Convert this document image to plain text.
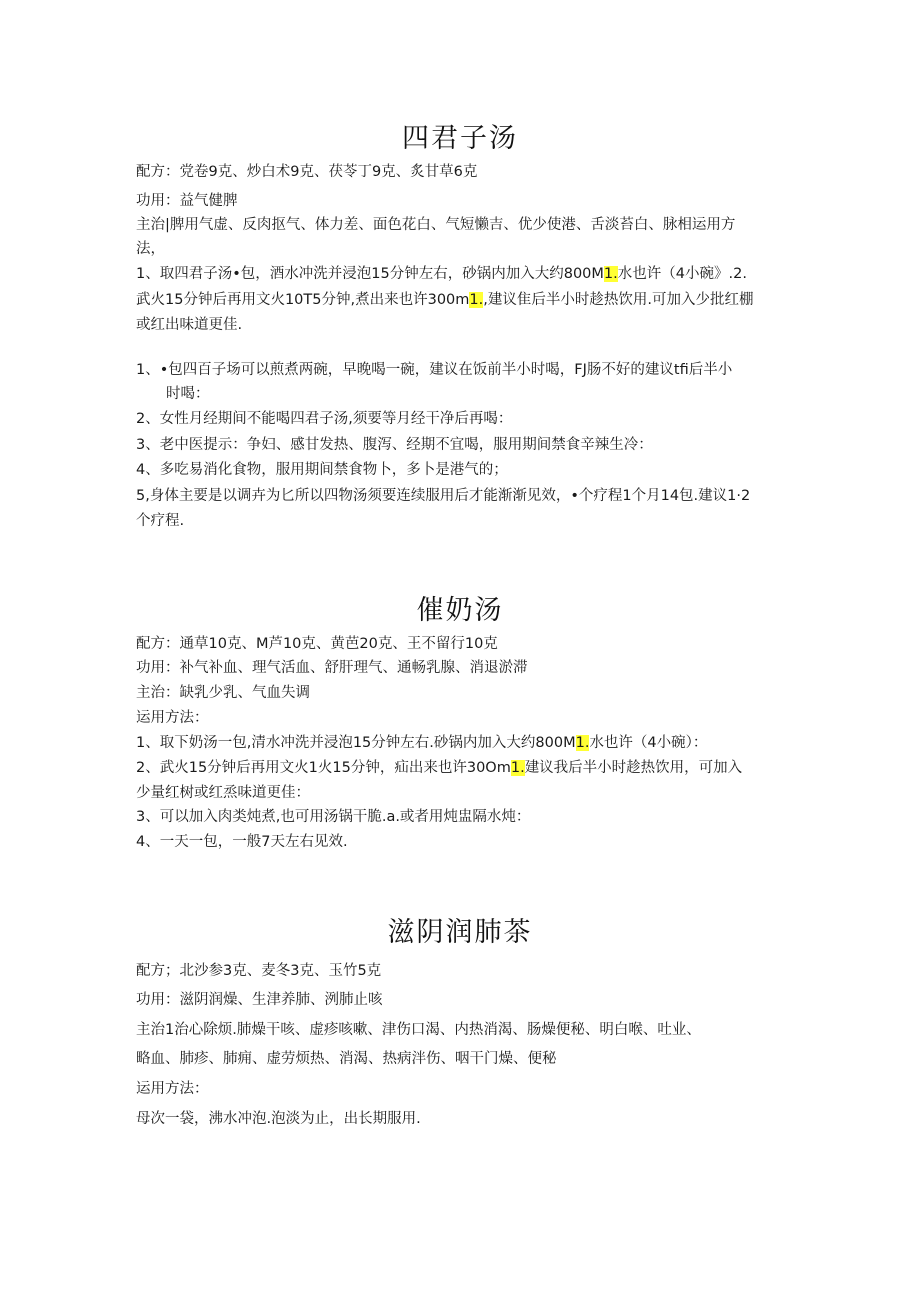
四君子汤
配方：党卷9克、炒白术9克、茯苓丁9克、炙甘草6克
功用：益气健脾
主治|脾用气虚、反肉抠气、体力差、面色花白、气短懒吉、优少使港、舌淡苔白、脉相运用方
法，
1、取四君子汤•包，酒水冲洗并浸泡15分钟左右，砂锅内加入大约800M1.水也许（4小碗》.2.
武火15分钟后再用文火10T5分钟,煮出来也许300m1.,建议隹后半小时趁热饮用.可加入少批红棚
或红出味道更佳.
1、•包四百子场可以煎煮两碗，早晚喝一碗，建议在饭前半小时喝，FJ肠不好的建议tfi后半小
时喝：
2、女性月经期间不能喝四君子汤,须要等月经干净后再喝：
3、老中医提示：争妇、感甘发热、腹泻、经期不宜喝，服用期间禁食辛辣生冷：
4、多吃易消化食物，服用期间禁食物卜，多卜是港气的；
5,身体主要是以调卉为匕所以四物汤须要连续服用后才能渐渐见效，•个疗程1个月14包.建议1·2
个疗程.
催奶汤
配方：通草10克、M芦10克、黄芭20克、王不留行10克
功用：补气补血、理气活血、舒肝理气、通畅乳腺、消退淤滞
主治：缺乳少乳、气血失调
运用方法：
1、取下奶汤一包,清水冲洗并浸泡15分钟左右.砂锅内加入大约800M1.水也许（4小碗）：
2、武火15分钟后再用文火1火15分钟，疝出来也许30Om1.建议我后半小时趁热饮用，可加入
少量红树或红烝味道更佳：
3、可以加入肉类炖煮,也可用汤锅干脆.a.或者用炖盅隔水炖：
4、一天一包，一般7天左右见效.
滋阴润肺茶
配方；北沙参3克、麦冬3克、玉竹5克
功用：滋阴润燥、生津养肺、洌肺止咳
主治1治心除烦.肺燥干咳、虚疹咳嗽、津伤口渴、内热消渴、肠燥便秘、明白喉、吐业、
略血、肺疹、肺痈、虚劳烦热、消渴、热病泮伤、咽干门燥、便秘
运用方法：
母次一袋，沸水冲泡.泡淡为止，出长期服用.
